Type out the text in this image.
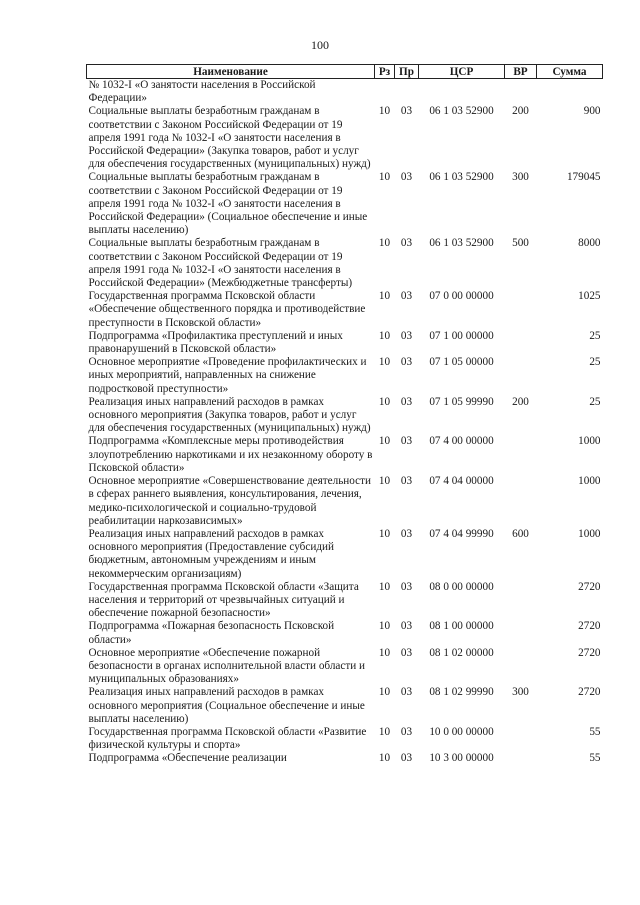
100
Наименование	Рз	Пр	ЦСР	ВР	Сумма
№ 1032-I «О занятости населения в Российской Федерации»					
Социальные выплаты безработным гражданам в соответствии с Законом Российской Федерации от 19 апреля 1991 года № 1032-I «О занятости населения в Российской Федерации» (Закупка товаров, работ и услуг для обеспечения государственных (муниципальных) нужд)	10	03	06 1 03 52900	200	900
Социальные выплаты безработным гражданам в соответствии с Законом Российской Федерации от 19 апреля 1991 года № 1032-I «О занятости населения в Российской Федерации» (Социальное обеспечение и иные выплаты населению)	10	03	06 1 03 52900	300	179045
Социальные выплаты безработным гражданам в соответствии с Законом Российской Федерации от 19 апреля 1991 года № 1032-I «О занятости населения в Российской Федерации» (Межбюджетные трансферты)	10	03	06 1 03 52900	500	8000
Государственная программа Псковской области «Обеспечение общественного порядка и противодействие преступности в Псковской области»	10	03	07 0 00 00000		1025
Подпрограмма «Профилактика преступлений и иных правонарушений в Псковской области»	10	03	07 1 00 00000		25
Основное мероприятие «Проведение профилактических и иных мероприятий, направленных на снижение подростковой преступности»	10	03	07 1 05 00000		25
Реализация иных направлений расходов в рамках основного мероприятия (Закупка товаров, работ и услуг для обеспечения государственных (муниципальных) нужд)	10	03	07 1 05 99990	200	25
Подпрограмма «Комплексные меры противодействия злоупотреблению наркотиками и их незаконному обороту в Псковской области»	10	03	07 4 00 00000		1000
Основное мероприятие «Совершенствование деятельности в сферах раннего выявления, консультирования, лечения, медико-психологической и социально-трудовой реабилитации наркозависимых»	10	03	07 4 04 00000		1000
Реализация иных направлений расходов в рамках основного мероприятия (Предоставление субсидий бюджетным, автономным учреждениям и иным некоммерческим организациям)	10	03	07 4 04 99990	600	1000
Государственная программа Псковской области «Защита населения и территорий от чрезвычайных ситуаций и обеспечение пожарной безопасности»	10	03	08 0 00 00000		2720
Подпрограмма «Пожарная безопасность Псковской области»	10	03	08 1 00 00000		2720
Основное мероприятие «Обеспечение пожарной безопасности в органах исполнительной власти области и муниципальных образованиях»	10	03	08 1 02 00000		2720
Реализация иных направлений расходов в рамках основного мероприятия (Социальное обеспечение и иные выплаты населению)	10	03	08 1 02 99990	300	2720
Государственная программа Псковской области «Развитие физической культуры и спорта»	10	03	10 0 00 00000		55
Подпрограмма «Обеспечение реализации	10	03	10 3 00 00000		55
